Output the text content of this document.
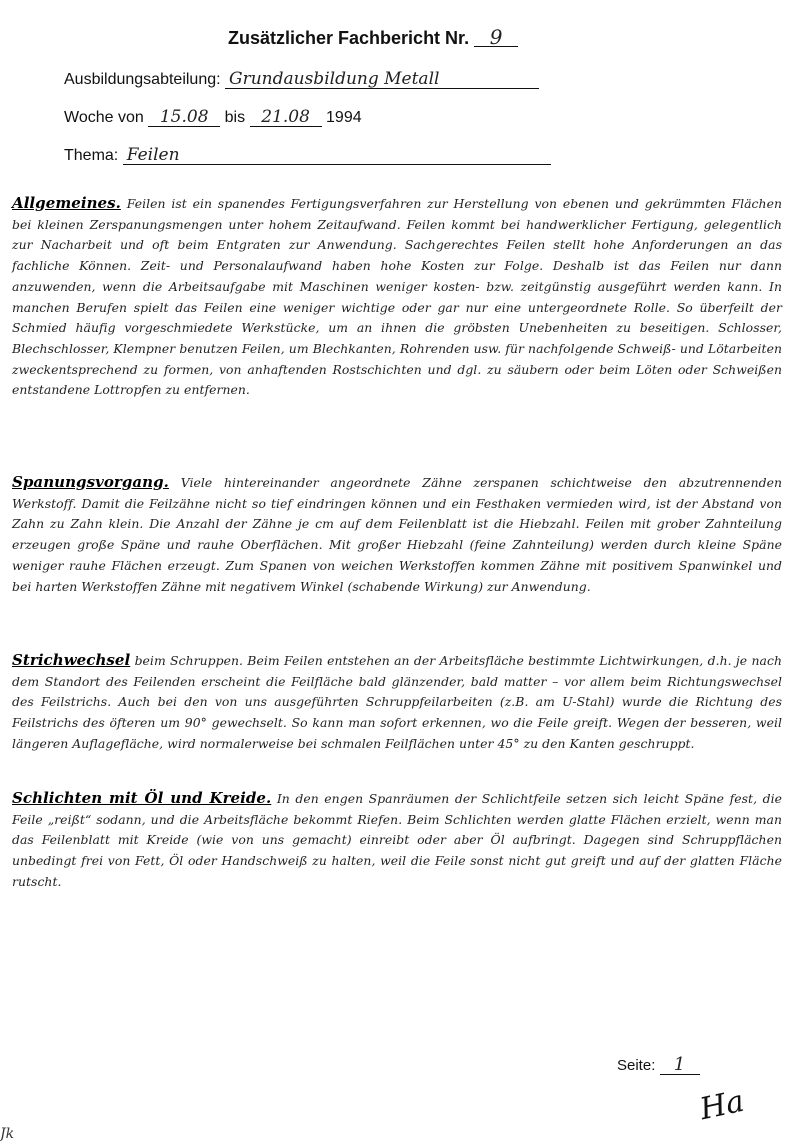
Zusätzlicher Fachbericht Nr. 9
Ausbildungsabteilung: Grundausbildung Metall
Woche von 15.08 bis 21.08 1994
Thema: Feilen

Allgemeines. Feilen ist ein spanendes Fertigungsverfahren zur Herstellung von ebenen und gekrümmten Flächen bei kleinen Zerspanungsmengen unter hohem Zeitaufwand. Feilen kommt bei handwerklicher Fertigung, gelegentlich zur Nacharbeit und oft beim Entgraten zur Anwendung. Sachgerechtes Feilen stellt hohe Anforderungen an das fachliche Können. Zeit- und Personalaufwand haben hohe Kosten zur Folge. Deshalb ist das Feilen nur dann anzuwenden, wenn die Arbeitsaufgabe mit Maschinen weniger kosten- bzw. zeitgünstig ausgeführt werden kann. In manchen Berufen spielt das Feilen eine weniger wichtige oder gar nur eine untergeordnete Rolle. So überfeilt der Schmied häufig vorgeschmiedete Werkstücke, um an ihnen die gröbsten Unebenheiten zu beseitigen. Schlosser, Blechschlosser, Klempner benutzen Feilen, um Blechkanten, Rohrenden usw. für nachfolgende Schweiß- und Lötarbeiten zweckentsprechend zu formen, von anhaftenden Rostschichten und dgl. zu säubern oder beim Löten oder Schweißen entstandene Lottropfen zu entfernen.

Spanungsvorgang. Viele hintereinander angeordnete Zähne zerspanen schichtweise den abzutrennenden Werkstoff. Damit die Feilzähne nicht so tief eindringen können und ein Festhaken vermieden wird, ist der Abstand von Zahn zu Zahn klein. Die Anzahl der Zähne je cm auf dem Feilenblatt ist die Hiebzahl. Feilen mit grober Zahnteilung erzeugen große Späne und rauhe Oberflächen. Mit großer Hiebzahl (feine Zahnteilung) werden durch kleine Späne weniger rauhe Flächen erzeugt. Zum Spanen von weichen Werkstoffen kommen Zähne mit positivem Spanwinkel und bei harten Werkstoffen Zähne mit negativem Winkel (schabende Wirkung) zur Anwendung.

Strichwechsel beim Schruppen. Beim Feilen entstehen an der Arbeitsfläche bestimmte Lichtwirkungen, d.h. je nach dem Standort des Feilenden erscheint die Feilfläche bald glänzender, bald matter – vor allem beim Richtungswechsel des Feilstrichs. Auch bei den von uns ausgeführten Schruppfeilarbeiten (z.B. am U-Stahl) wurde die Richtung des Feilstrichs des öfteren um 90° gewechselt. So kann man sofort erkennen, wo die Feile greift. Wegen der besseren, weil längeren Auflagefläche, wird normalerweise bei schmalen Feilflächen unter 45° zu den Kanten geschruppt.

Schlichten mit Öl und Kreide. In den engen Spanräumen der Schlichtfeile setzen sich leicht Späne fest, die Feile „reißt“ sodann, und die Arbeitsfläche bekommt Riefen. Beim Schlichten werden glatte Flächen erzielt, wenn man das Feilenblatt mit Kreide (wie von uns gemacht) einreibt oder aber Öl aufbringt. Dagegen sind Schruppflächen unbedingt frei von Fett, Öl oder Handschweiß zu halten, weil die Feile sonst nicht gut greift und auf der glatten Fläche rutscht.

Seite: 1
Ha
Jk
